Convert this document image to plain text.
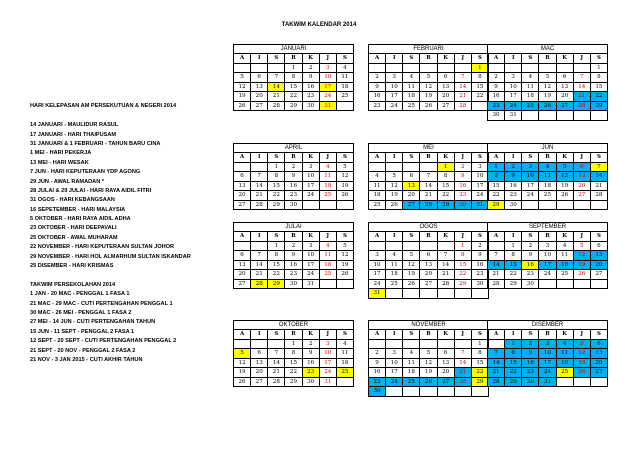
TAKWIM KALENDAR 2014
HARI KELEPASAN AM PERSEKUTUAN & NEGERI 2014
14 JANUARI - MAULIDUR RASUL
17 JANUARI - HARI THAIPUSAM
31 JANUARI & 1 FEBRUARI - TAHUN BARU CINA
1 MEI - HARI PEKERJA
13 MEI - HARI WESAK
7 JUN - HARI KEPUTERAAN YDP AGONG
29 JUN - AWAL RAMADAN *
28 JULAI & 29 JULAI - HARI RAYA AIDIL FITRI
31 OGOS - HARI KEBANGSAAN
16 SEPETEMBER - HARI MALAYSIA
5 OKTOBER - HARI RAYA AIDIL ADHA
23 OKTOBER - HARI DEEPAVALI
25 OKTOBER - AWAL MUHARAM
22 NOVEMBER - HARI KEPUTERAAN SULTAN JOHOR
29 NOVEMBER - HARI HOL ALMARHUM SULTAN ISKANDAR
25 DISEMBER - HARI KRISMAS
TAKWIM PERSEKOLAHAN 2014
1 JAN - 20 MAC - PENGGAL 1 FASA 1
21 MAC - 29 MAC - CUTI PERTENGAHAN PENGGAL 1
30 MAC - 26 MEI - PENGGAL 1 FASA 2
27 MEI - 14 JUN - CUTI PERTENGAHAN TAHUN
15 JUN - 11 SEPT - PENGGAL 2 FASA 1
12 SEPT - 20 SEPT - CUTI PERTENGAHAN PENGGAL 2
21 SEPT - 20 NOV - PENGGAL 2 FASA 2
21 NOV - 3 JAN 2015 - CUTI AKHIR TAHUN
JANUARI
A	I	S	R	K	J	S
			1	2	3	4
5	6	7	8	9	10	11
12	13	14	15	16	17	18
19	20	21	22	23	24	25
26	27	28	29	30	31	
FEBRUARI
A	I	S	R	K	J	S
						1
2	3	4	5	6	7	8
9	10	11	12	13	14	15
16	17	18	19	20	21	22
23	24	25	26	27	28	
MAC
A	I	S	R	K	J	S
						1
2	3	4	5	6	7	8
9	10	11	12	13	14	15
16	17	18	19	20	21	22
23	24	25	26	27	28	29
30	31					
APRIL
A	I	S	R	K	J	S
		1	2	3	4	5
6	7	8	9	10	11	12
13	14	15	16	17	18	19
20	21	22	23	24	25	26
27	28	29	30			
MEI
A	I	S	R	K	J	S
				1	2	3
4	5	6	7	8	9	10
11	12	13	14	15	16	17
18	19	20	21	22	23	24
25	26	27	28	29	30	31
JUN
A	I	S	R	K	J	S
1	2	3	4	5	6	7
8	9	10	11	12	13	14
15	16	17	18	19	20	21
22	23	24	25	26	27	28
29	30					
JULAI
A	I	S	R	K	J	S
		1	2	3	4	5
6	7	8	9	10	11	12
13	14	15	16	17	18	19
20	21	22	23	24	25	26
27	28	29	30	31		
OGOS
A	I	S	R	K	J	S
					1	2
3	4	5	6	7	8	9
10	11	12	13	14	15	16
17	18	19	20	21	22	23
24	25	26	27	28	29	30
31						
SEPTEMBER
A	I	S	R	K	J	S
	1	2	3	4	5	6
7	8	9	10	11	12	13
14	15	16	17	18	19	20
21	22	23	24	25	26	27
28	29	30				
OKTOBER
A	I	S	R	K	J	S
			1	2	3	4
5	6	7	8	9	10	11
12	13	14	15	16	17	18
19	20	21	22	23	24	25
26	27	28	29	30	31	
NOVEMBER
A	I	S	R	K	J	S
						1
2	3	4	5	6	7	8
9	10	11	12	13	14	15
16	17	18	19	20	21	22
23	24	25	26	27	28	29
30						
DISEMBER
A	I	S	R	K	J	S
	1	2	3	4	5	6
7	8	9	10	11	12	13
14	15	16	17	18	19	20
21	22	23	24	25	26	27
28	29	30	31			
